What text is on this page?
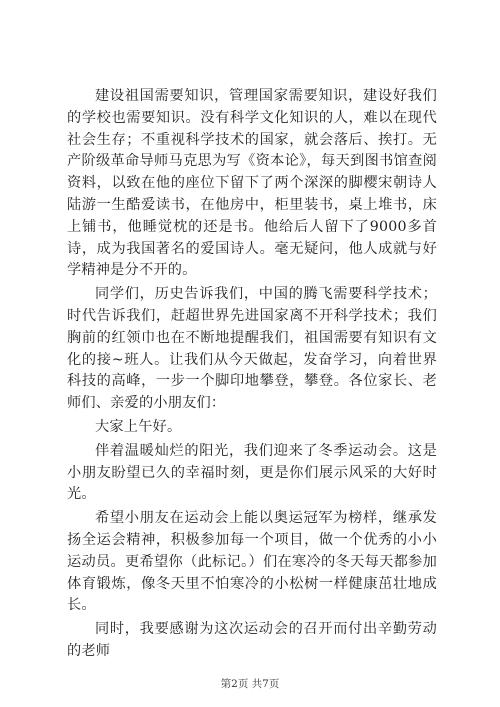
建设祖国需要知识，管理国家需要知识，建设好我们的学校也需要知识。没有科学文化知识的人，难以在现代社会生存；不重视科学技术的国家，就会落后、挨打。无产阶级革命导师马克思为写《资本论》，每天到图书馆查阅资料，以致在他的座位下留下了两个深深的脚樱宋朝诗人陆游一生酷爱读书，在他房中，柜里装书，桌上堆书，床上铺书，他睡觉枕的还是书。他给后人留下了9000多首诗，成为我国著名的爱国诗人。毫无疑问，他人成就与好学精神是分不开的。

同学们，历史告诉我们，中国的腾飞需要科学技术；时代告诉我们，赶超世界先进国家离不开科学技术；我们胸前的红领巾也在不断地提醒我们，祖国需要有知识有文化的接~班人。让我们从今天做起，发奋学习，向着世界科技的高峰，一步一个脚印地攀登，攀登。各位家长、老师们、亲爱的小朋友们：

大家上午好。

伴着温暖灿烂的阳光，我们迎来了冬季运动会。这是小朋友盼望已久的幸福时刻，更是你们展示风采的大好时光。

希望小朋友在运动会上能以奥运冠军为榜样，继承发扬全运会精神，积极参加每一个项目，做一个优秀的小小运动员。更希望你（此标记。）们在寒冷的冬天每天都参加体育锻炼，像冬天里不怕寒冷的小松树一样健康茁壮地成长。

同时，我要感谢为这次运动会的召开而付出辛勤劳动的老师

第2页 共7页
